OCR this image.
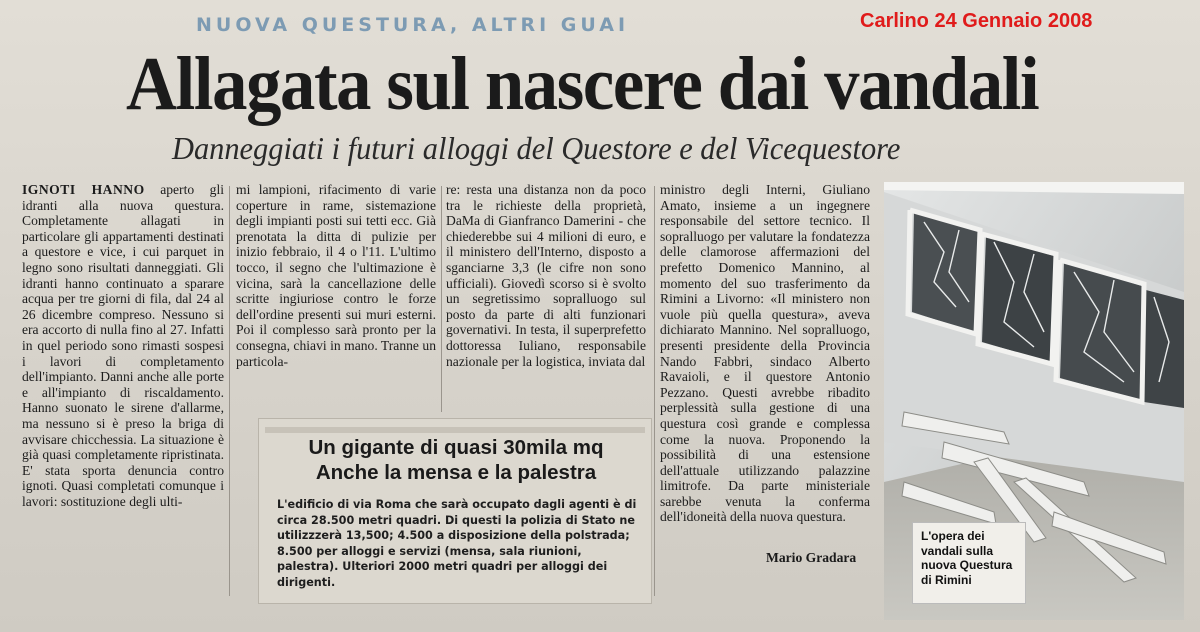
NUOVA QUESTURA, ALTRI GUAI	Carlino 24 Gennaio 2008
Allagata sul nascere dai vandali
Danneggiati i futuri alloggi del Questore e del Vicequestore

IGNOTI HANNO aperto gli idranti alla nuova questura. Completamente allagati in particolare gli appartamenti destinati a questore e vice, i cui parquet in legno sono risultati danneggiati. Gli idranti hanno continuato a sparare acqua per tre giorni di fila, dal 24 al 26 dicembre compreso. Nessuno si era accorto di nulla fino al 27. Infatti in quel periodo sono rimasti sospesi i lavori di completamento dell'impianto. Danni anche alle porte e all'impianto di riscaldamento. Hanno suonato le sirene d'allarme, ma nessuno si è preso la briga di avvisare chicchessia. La situazione è già quasi completamente ripristinata. E' stata sporta denuncia contro ignoti. Quasi completati comunque i lavori: sostituzione degli ulti-

mi lampioni, rifacimento di varie coperture in rame, sistemazione degli impianti posti sui tetti ecc. Già prenotata la ditta di pulizie per inizio febbraio, il 4 o l'11. L'ultimo tocco, il segno che l'ultimazione è vicina, sarà la cancellazione delle scritte ingiuriose contro le forze dell'ordine presenti sui muri esterni. Poi il complesso sarà pronto per la consegna, chiavi in mano. Tranne un particola-

re: resta una distanza non da poco tra le richieste della proprietà, DaMa di Gianfranco Damerini - che chiederebbe sui 4 milioni di euro, e il ministero dell'Interno, disposto a sganciarne 3,3 (le cifre non sono ufficiali). Giovedì scorso si è svolto un segretissimo sopralluogo sul posto da parte di alti funzionari governativi. In testa, il superprefetto dottoressa Iuliano, responsabile nazionale per la logistica, inviata dal

ministro degli Interni, Giuliano Amato, insieme a un ingegnere responsabile del settore tecnico. Il sopralluogo per valutare la fondatezza delle clamorose affermazioni del prefetto Domenico Mannino, al momento del suo trasferimento da Rimini a Livorno: «Il ministero non vuole più quella questura», aveva dichiarato Mannino. Nel sopralluogo, presenti presidente della Provincia Nando Fabbri, sindaco Alberto Ravaioli, e il questore Antonio Pezzano. Questi avrebbe ribadito perplessità sulla gestione di una questura così grande e complessa come la nuova. Proponendo la possibilità di una estensione dell'attuale utilizzando palazzine limitrofe. Da parte ministeriale sarebbe venuta la conferma dell'idoneità della nuova questura.

Mario Gradara
Un gigante di quasi 30mila mq
Anche la mensa e la palestra
L'edificio di via Roma che sarà occupato dagli agenti è di circa 28.500 metri quadri. Di questi la polizia di Stato ne utilizzzerà 13,500; 4.500 a disposizione della polstrada; 8.500 per alloggi e servizi (mensa, sala riunioni, palestra). Ulteriori 2000 metri quadri per alloggi dei dirigenti.
L'opera dei vandali sulla nuova Questura di Rimini
